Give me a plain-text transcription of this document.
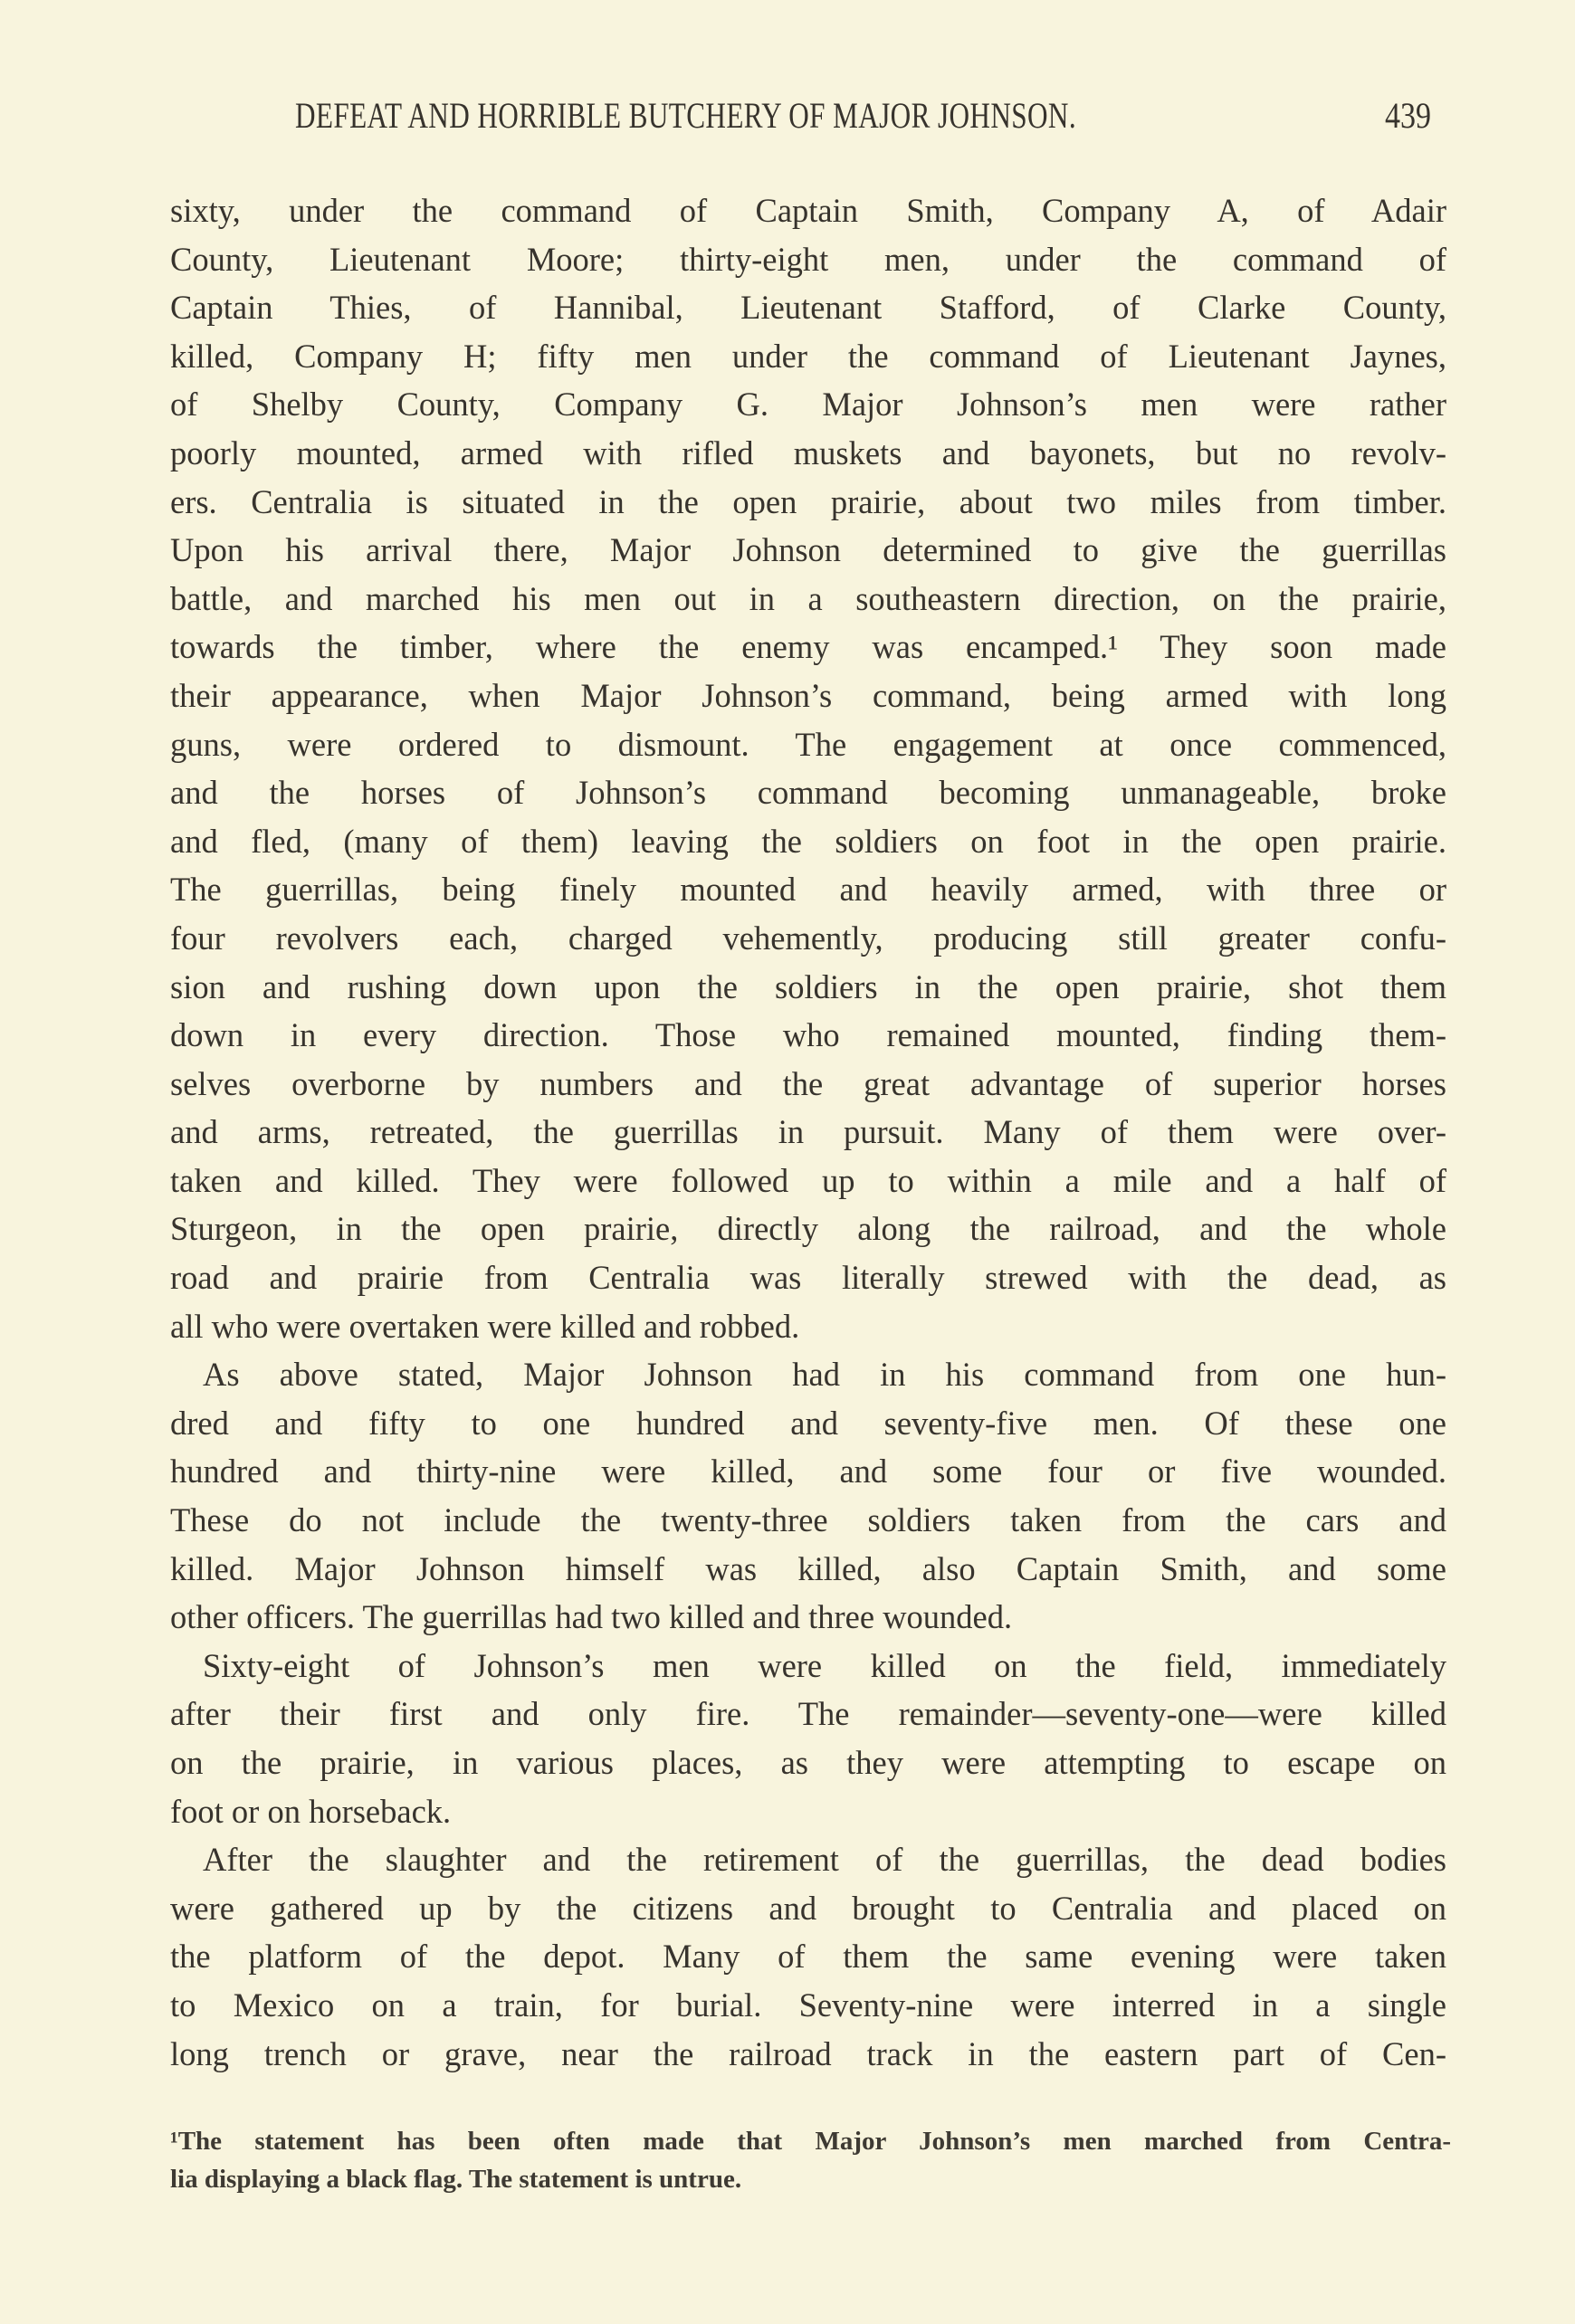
DEFEAT AND HORRIBLE BUTCHERY OF MAJOR JOHNSON.	439
sixty, under the command of Captain Smith, Company A, of Adair
County, Lieutenant Moore; thirty-eight men, under the command of
Captain Thies, of Hannibal, Lieutenant Stafford, of Clarke County,
killed, Company H; fifty men under the command of Lieutenant Jaynes,
of Shelby County, Company G. Major Johnson’s men were rather
poorly mounted, armed with rifled muskets and bayonets, but no revolv-
ers. Centralia is situated in the open prairie, about two miles from timber.
Upon his arrival there, Major Johnson determined to give the guerrillas
battle, and marched his men out in a southeastern direction, on the prairie,
towards the timber, where the enemy was encamped.¹ They soon made
their appearance, when Major Johnson’s command, being armed with long
guns, were ordered to dismount. The engagement at once commenced,
and the horses of Johnson’s command becoming unmanageable, broke
and fled, (many of them) leaving the soldiers on foot in the open prairie.
The guerrillas, being finely mounted and heavily armed, with three or
four revolvers each, charged vehemently, producing still greater confu-
sion and rushing down upon the soldiers in the open prairie, shot them
down in every direction. Those who remained mounted, finding them-
selves overborne by numbers and the great advantage of superior horses
and arms, retreated, the guerrillas in pursuit. Many of them were over-
taken and killed. They were followed up to within a mile and a half of
Sturgeon, in the open prairie, directly along the railroad, and the whole
road and prairie from Centralia was literally strewed with the dead, as
all who were overtaken were killed and robbed.
As above stated, Major Johnson had in his command from one hun-
dred and fifty to one hundred and seventy-five men. Of these one
hundred and thirty-nine were killed, and some four or five wounded.
These do not include the twenty-three soldiers taken from the cars and
killed. Major Johnson himself was killed, also Captain Smith, and some
other officers. The guerrillas had two killed and three wounded.
Sixty-eight of Johnson’s men were killed on the field, immediately
after their first and only fire. The remainder—seventy-one—were killed
on the prairie, in various places, as they were attempting to escape on
foot or on horseback.
After the slaughter and the retirement of the guerrillas, the dead bodies
were gathered up by the citizens and brought to Centralia and placed on
the platform of the depot. Many of them the same evening were taken
to Mexico on a train, for burial. Seventy-nine were interred in a single
long trench or grave, near the railroad track in the eastern part of Cen-
¹The statement has been often made that Major Johnson’s men marched from Centra-
lia displaying a black flag. The statement is untrue.
